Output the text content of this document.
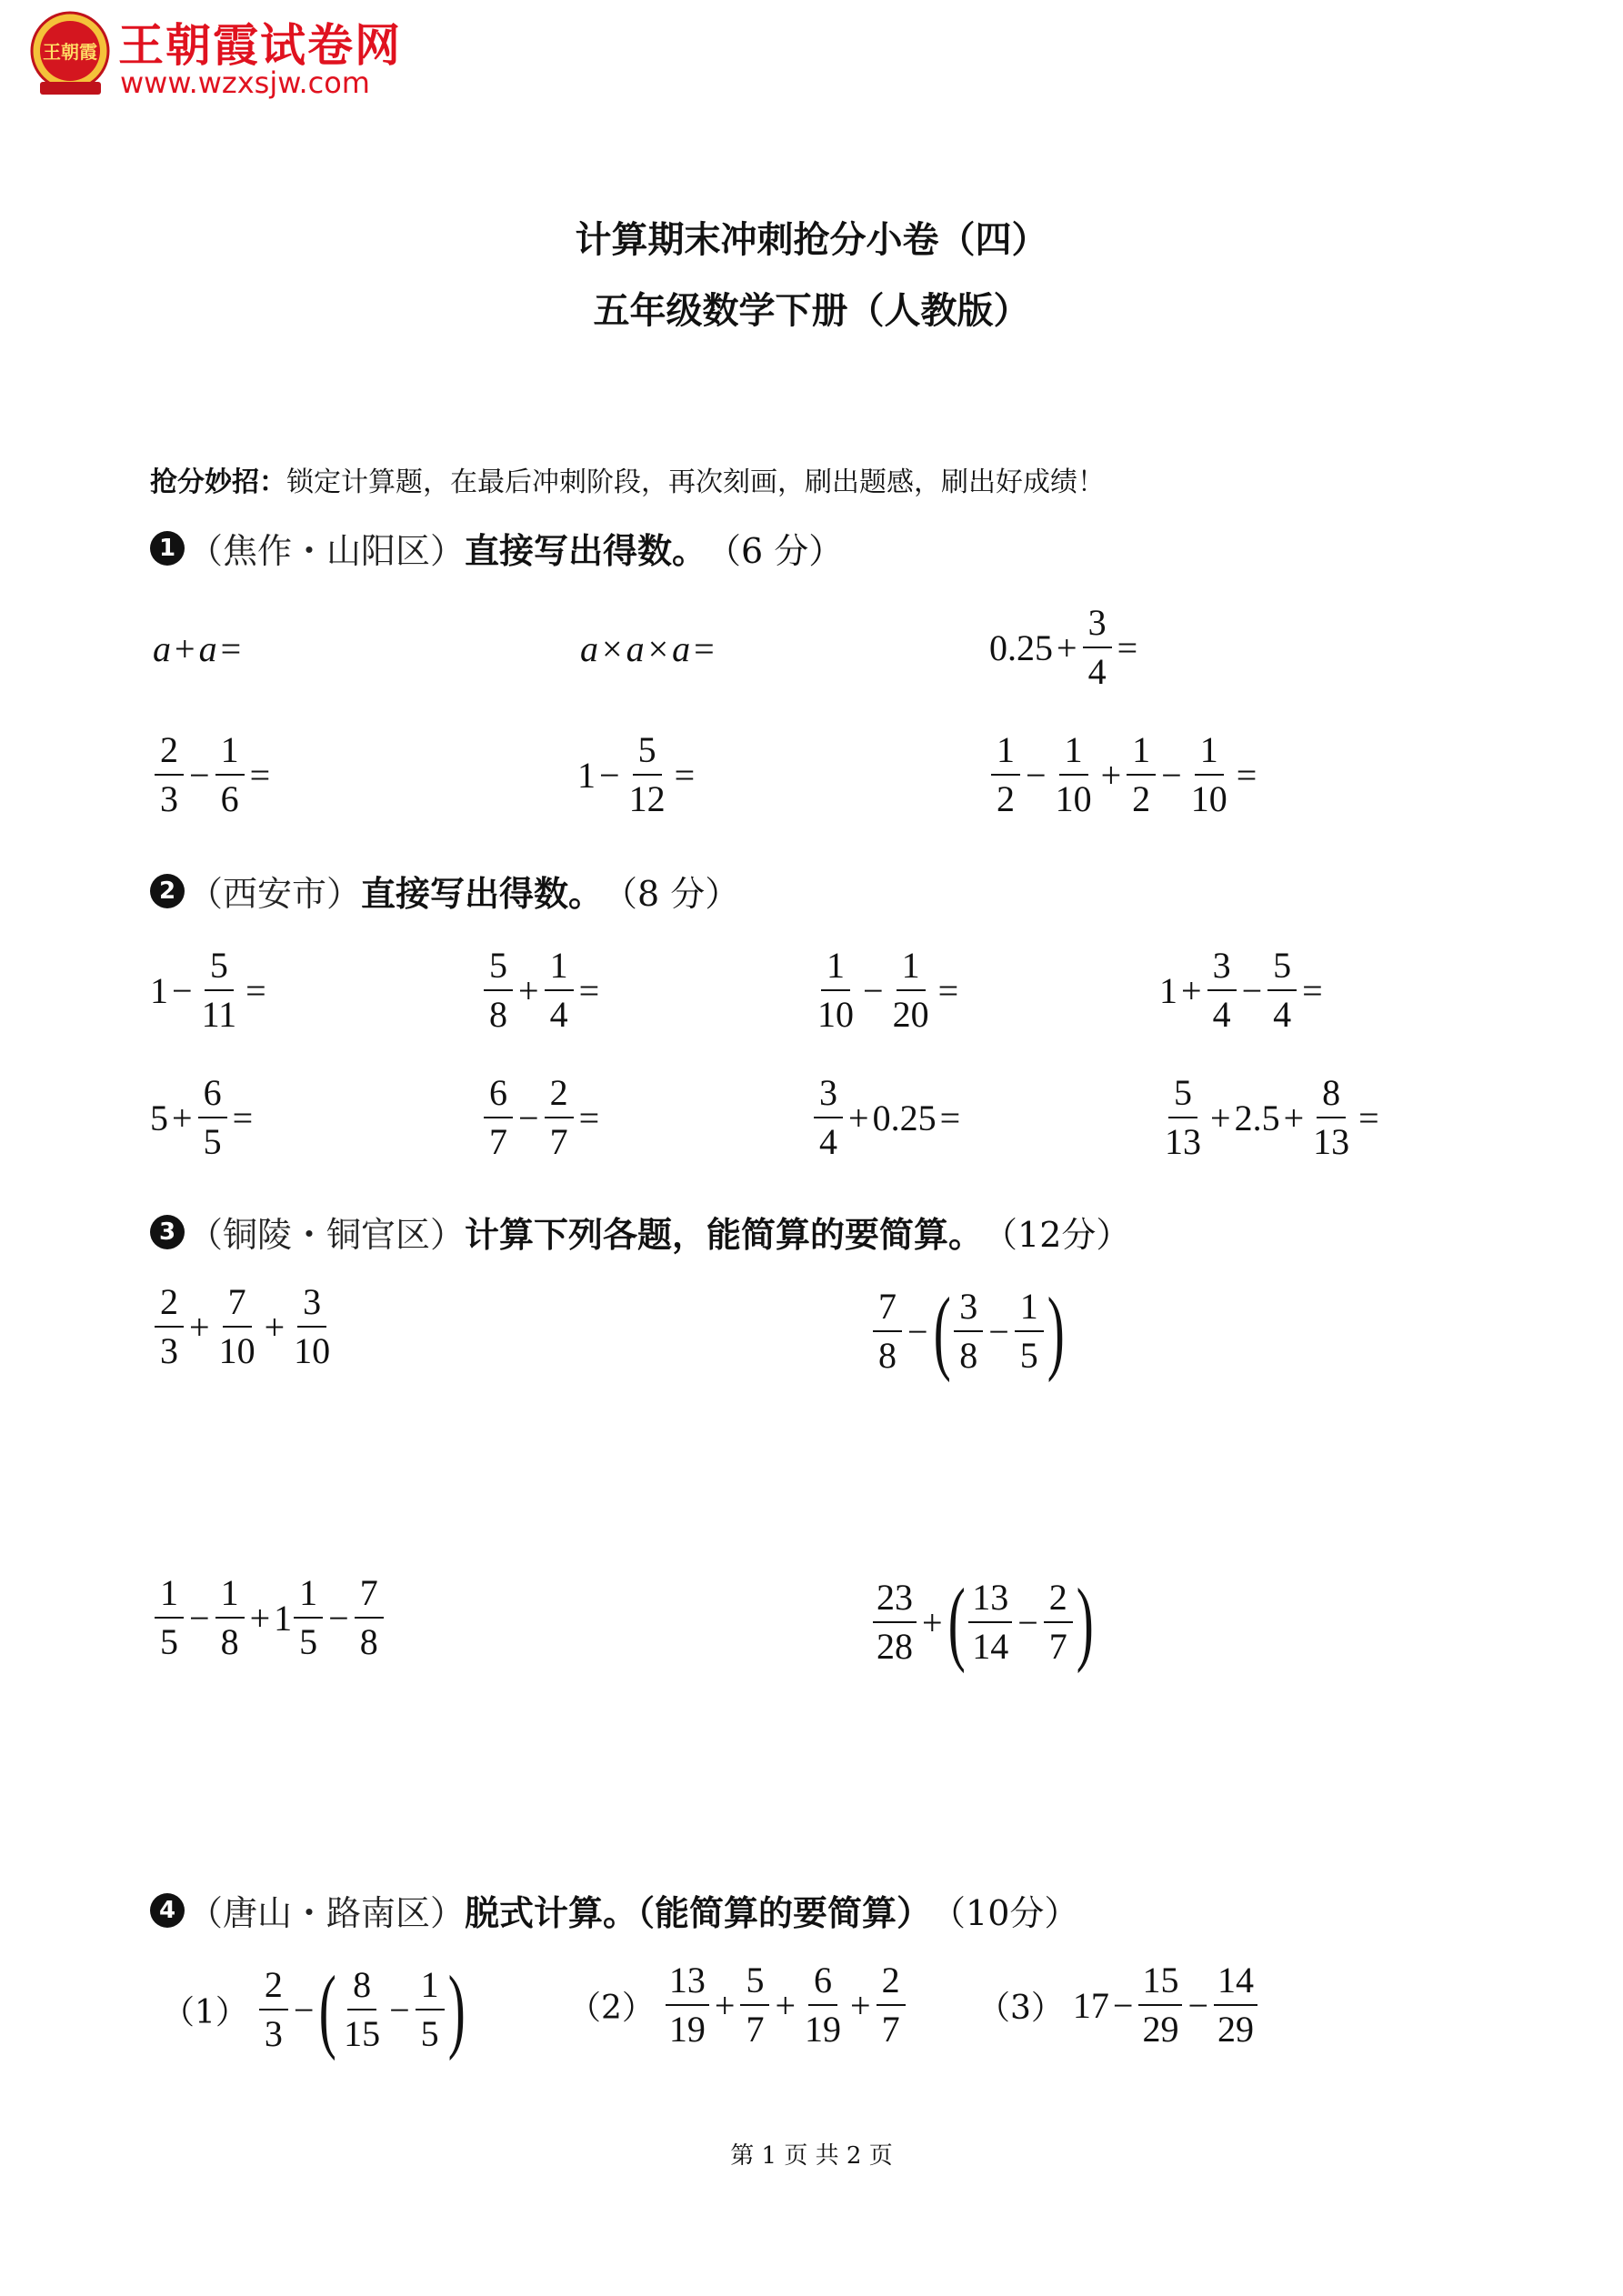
王朝霞 王朝霞试卷网
www.wzxsjw.com
计算期末冲刺抢分小卷（四）
五年级数学下册（人教版）
抢分妙招：锁定计算题，在最后冲刺阶段，再次刻画，刷出题感，刷出好成绩！
1 （焦作・山阳区） 直接写出得数。 （6 分）
a + a =	a × a × a =	$0.25 + \frac{3}{4}$ =
$\frac{2}{3} - \frac{1}{6}$ =	$1 - \frac{5}{12}$ =	$\frac{1}{2} - \frac{1}{10} + \frac{1}{2} - \frac{1}{10}$ =
2 （西安市） 直接写出得数。 （8 分）
$1 - \frac{5}{11}$ =	$\frac{5}{8} + \frac{1}{4}$ =	$\frac{1}{10} - \frac{1}{20}$ =	$1 + \frac{3}{4} - \frac{5}{4}$ =
$5 + \frac{6}{5}$ =	$\frac{6}{7} - \frac{2}{7}$ =	$\frac{3}{4} + 0.25$ =	$\frac{5}{13} + 2.5 + \frac{8}{13}$ =
3 （铜陵・铜官区） 计算下列各题，能简算的要简算。 （12分）
$\frac{2}{3} + \frac{7}{10} + \frac{3}{10}$	$\frac{7}{8}$ − ( $\frac{3}{8} - \frac{1}{5}$ )
$\frac{1}{5} - \frac{1}{8} + 1 \frac{1}{5} - \frac{7}{8}$	$\frac{23}{28}$ + ( $\frac{13}{14} - \frac{2}{7}$ )
4 （唐山・路南区） 脱式计算。（能简算的要简算） （10分）
$(1) \frac{2}{3}$ − ( $\frac{8}{15} - \frac{1}{5}$ )	$(2) \frac{13}{19} + \frac{5}{7} + \frac{6}{19} + \frac{2}{7} (3) 17 - \frac{15}{29} - \frac{14}{29}$
第 1 页 共 2 页
